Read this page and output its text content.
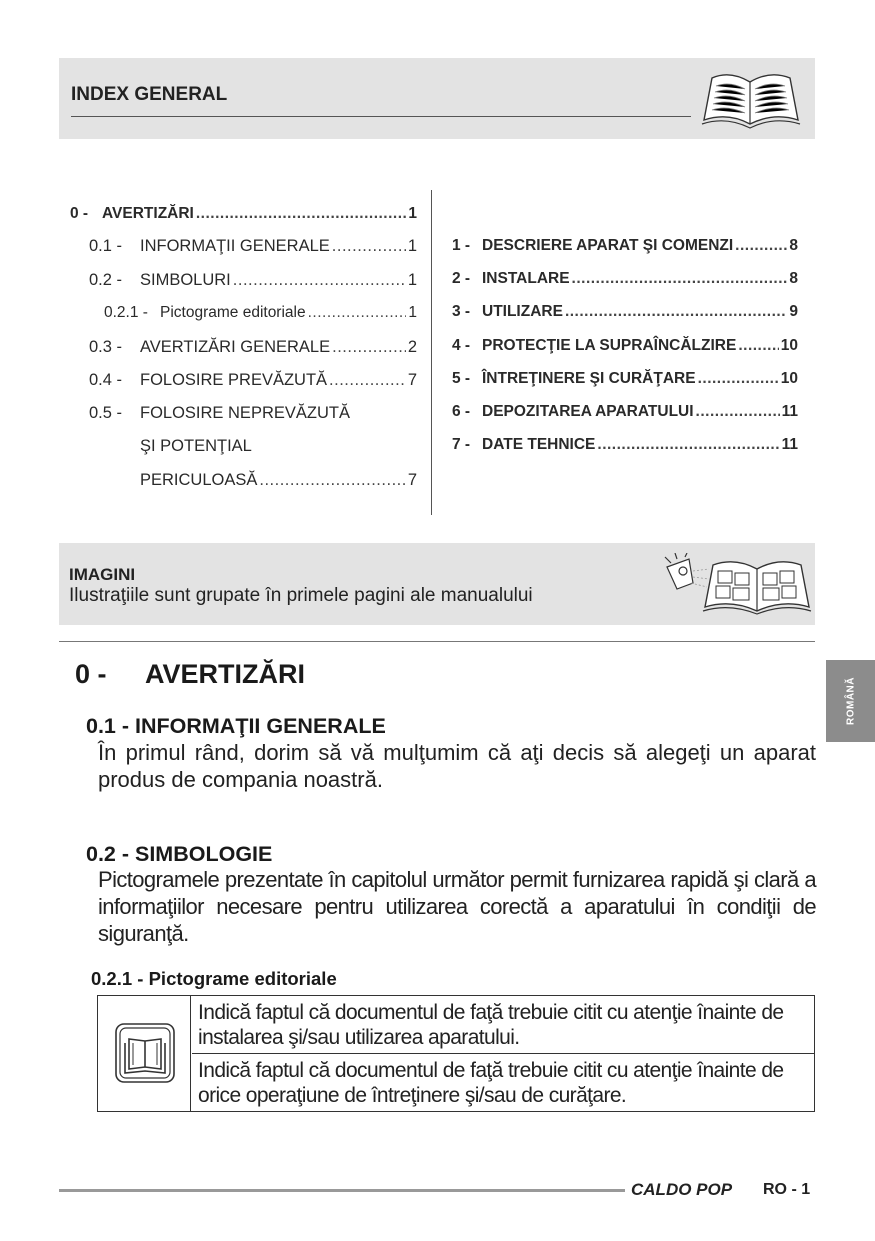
INDEX GENERAL
0 - AVERTIZĂRI .....	1
0.1 -	INFORMAŢII GENERALE .....	1
0.2 -	SIMBOLURI .....	1
0.2.1 - Pictograme editoriale .....	1
0.3 -	AVERTIZĂRI GENERALE .....	2
0.4 -	FOLOSIRE PREVĂZUTĂ .....	7
0.5 -	FOLOSIRE NEPREVĂZUTĂ
ŞI POTENŢIAL
PERICULOASĂ .....	7
1 - DESCRIERE APARAT ŞI COMENZI .....	8
2 - INSTALARE .....	8
3 - UTILIZARE .....	9
4 - PROTECŢIE LA SUPRAÎNCĂLZIRE .....	10
5 - ÎNTREŢINERE ŞI CURĂŢARE .....	10
6 - DEPOZITAREA APARATULUI .....	11
7 - DATE TEHNICE .....	11
IMAGINI
Ilustraţiile sunt grupate în primele pagini ale manualului
ROMÂNĂ
0 - AVERTIZĂRI
0.1 - INFORMAŢII GENERALE
În primul rând, dorim să vă mulţumim că aţi decis să alegeţi un aparat produs de compania noastră.
0.2 - SIMBOLOGIE
Pictogramele prezentate în capitolul următor permit furnizarea rapidă şi clară a informaţiilor necesare pentru utilizarea corectă a aparatului în condiţii de siguranţă.
0.2.1 - Pictograme editoriale
Indică faptul că documentul de faţă trebuie citit cu atenţie înainte de instalarea şi/sau utilizarea aparatului.
Indică faptul că documentul de faţă trebuie citit cu atenţie înainte de orice operaţiune de întreţinere şi/sau de curăţare.
CALDO POP RO - 1
